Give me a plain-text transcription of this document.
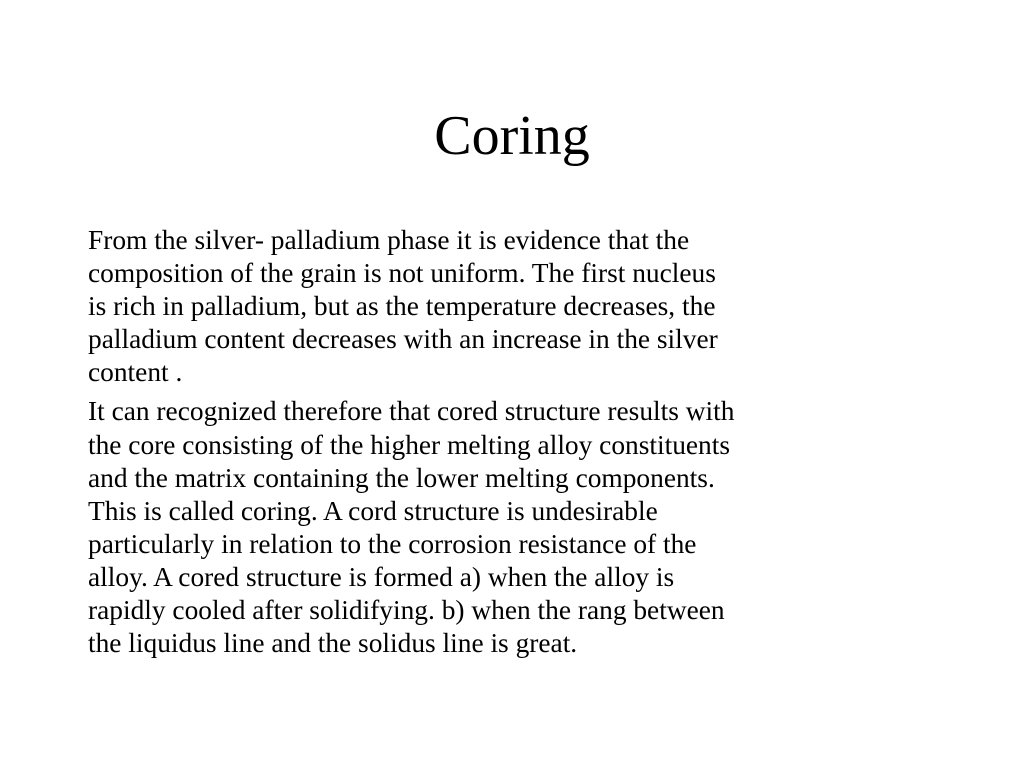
Coring

From the silver- palladium phase it is evidence that the
composition of the grain is not uniform. The first nucleus
is rich in palladium, but as the temperature decreases, the
palladium content decreases with an increase in the silver
content .

It can recognized therefore that cored structure results with
the core consisting of the higher melting alloy constituents
and the matrix containing the lower melting components.
This is called coring. A cord structure is undesirable
particularly in relation to the corrosion resistance of the
alloy. A cored structure is formed a) when the alloy is
rapidly cooled after solidifying. b) when the rang between
the liquidus line and the solidus line is great.
